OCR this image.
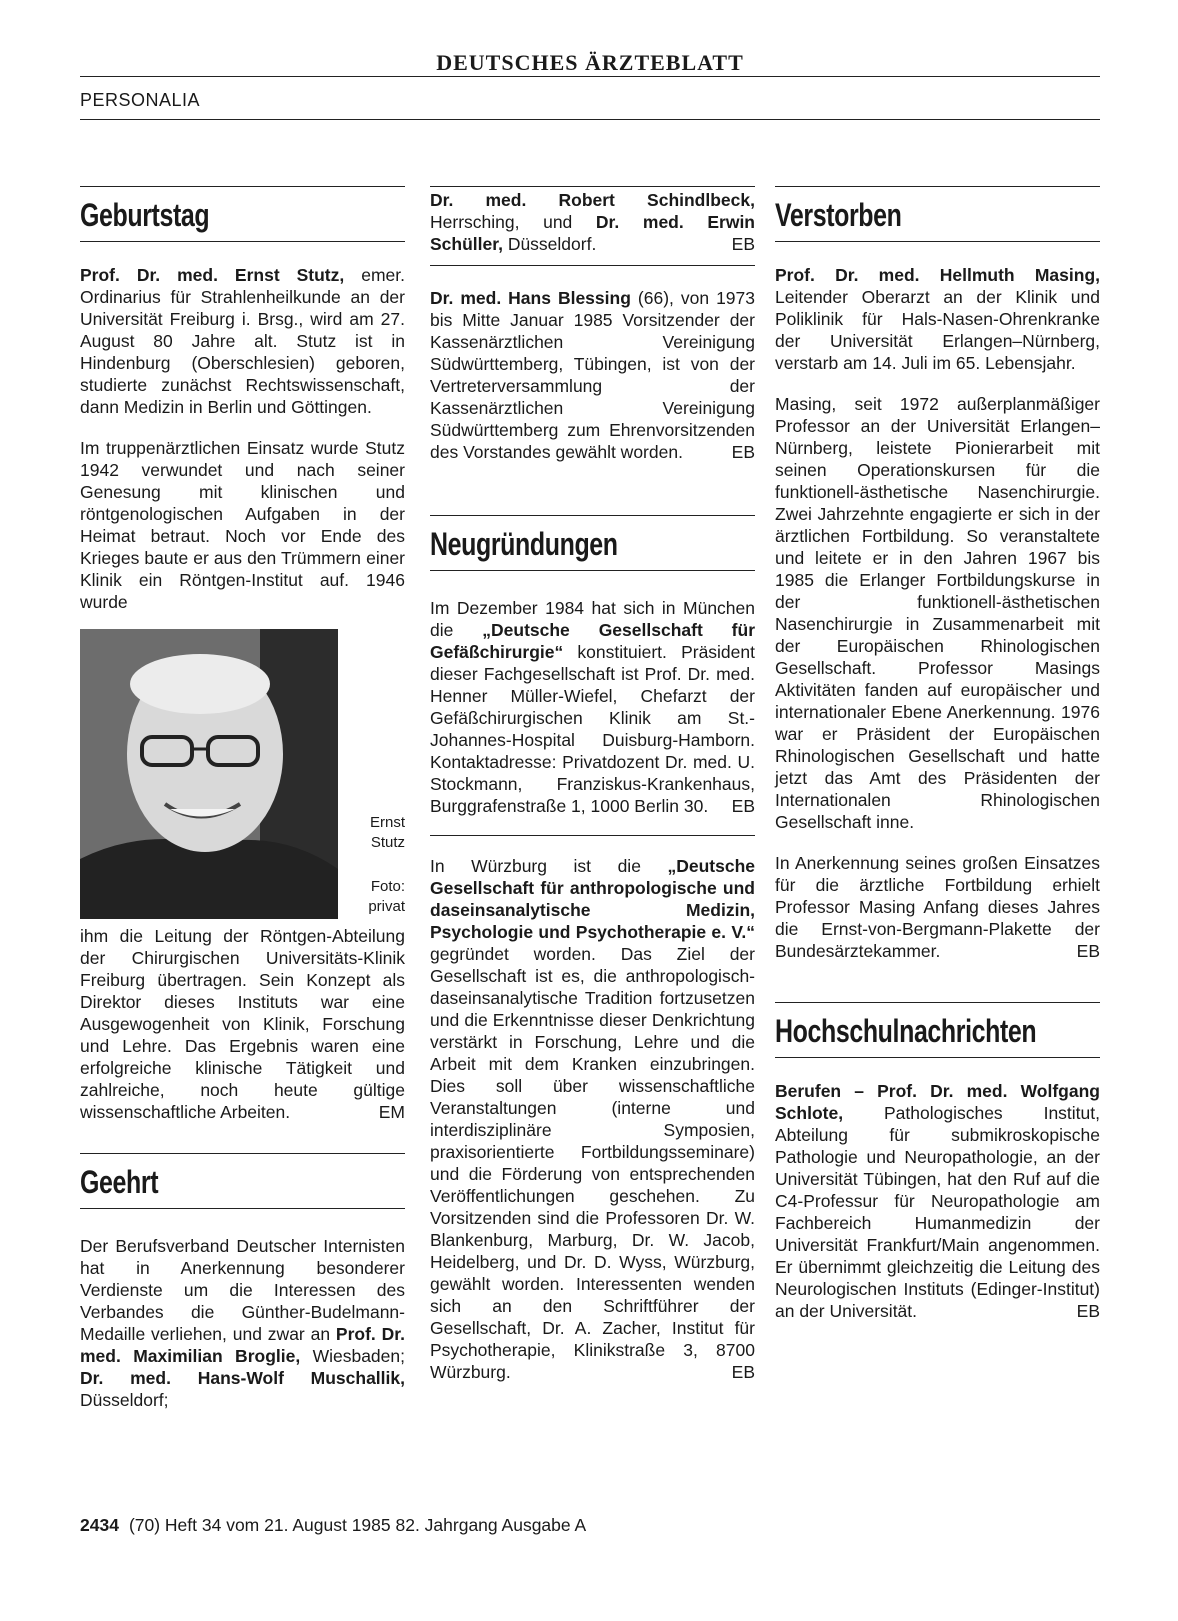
DEUTSCHES ÄRZTEBLATT
PERSONALIA
Geburtstag

Prof. Dr. med. Ernst Stutz, emer. Ordinarius für Strahlenheilkunde an der Universität Freiburg i. Brsg., wird am 27. August 80 Jahre alt. Stutz ist in Hindenburg (Oberschlesien) geboren, studierte zunächst Rechtswissenschaft, dann Medizin in Berlin und Göttingen.

Im truppenärztlichen Einsatz wurde Stutz 1942 verwundet und nach seiner Genesung mit klinischen und röntgenologischen Aufgaben in der Heimat betraut. Noch vor Ende des Krieges baute er aus den Trümmern einer Klinik ein Röntgen-Institut auf. 1946 wurde

Ernst
Stutz
Foto:
privat

ihm die Leitung der Röntgen-Abteilung der Chirurgischen Universitäts-Klinik Freiburg übertragen. Sein Konzept als Direktor dieses Instituts war eine Ausgewogenheit von Klinik, Forschung und Lehre. Das Ergebnis waren eine erfolgreiche klinische Tätigkeit und zahlreiche, noch heute gültige wissenschaftliche Arbeiten.	EM

Geehrt

Der Berufsverband Deutscher Internisten hat in Anerkennung besonderer Verdienste um die Interessen des Verbandes die Günther-Budelmann-Medaille verliehen, und zwar an Prof. Dr. med. Maximilian Broglie, Wiesbaden; Dr. med. Hans-Wolf Muschallik, Düsseldorf;

Dr. med. Robert Schindlbeck, Herrsching, und Dr. med. Erwin Schüller, Düsseldorf.	EB

Dr. med. Hans Blessing (66), von 1973 bis Mitte Januar 1985 Vorsitzender der Kassenärztlichen Vereinigung Südwürttemberg, Tübingen, ist von der Vertreterversammlung der Kassenärztlichen Vereinigung Südwürttemberg zum Ehrenvorsitzenden des Vorstandes gewählt worden.	EB

Neugründungen

Im Dezember 1984 hat sich in München die „Deutsche Gesellschaft für Gefäßchirurgie“ konstituiert. Präsident dieser Fachgesellschaft ist Prof. Dr. med. Henner Müller-Wiefel, Chefarzt der Gefäßchirurgischen Klinik am St.-Johannes-Hospital Duisburg-Hamborn. Kontaktadresse: Privatdozent Dr. med. U. Stockmann, Franziskus-Krankenhaus, Burggrafenstraße 1, 1000 Berlin 30. EB

In Würzburg ist die „Deutsche Gesellschaft für anthropologische und daseinsanalytische Medizin, Psychologie und Psychotherapie e. V.“ gegründet worden. Das Ziel der Gesellschaft ist es, die anthropologisch-daseinsanalytische Tradition fortzusetzen und die Erkenntnisse dieser Denkrichtung verstärkt in Forschung, Lehre und die Arbeit mit dem Kranken einzubringen. Dies soll über wissenschaftliche Veranstaltungen (interne und interdisziplinäre Symposien, praxisorientierte Fortbildungsseminare) und die Förderung von entsprechenden Veröffentlichungen geschehen. Zu Vorsitzenden sind die Professoren Dr. W. Blankenburg, Marburg, Dr. W. Jacob, Heidelberg, und Dr. D. Wyss, Würzburg, gewählt worden. Interessenten wenden sich an den Schriftführer der Gesellschaft, Dr. A. Zacher, Institut für Psychotherapie, Klinikstraße 3, 8700 Würzburg.	EB

Verstorben

Prof. Dr. med. Hellmuth Masing, Leitender Oberarzt an der Klinik und Poliklinik für Hals-Nasen-Ohrenkranke der Universität Erlangen–Nürnberg, verstarb am 14. Juli im 65. Lebensjahr.

Masing, seit 1972 außerplanmäßiger Professor an der Universität Erlangen–Nürnberg, leistete Pionierarbeit mit seinen Operationskursen für die funktionell-ästhetische Nasenchirurgie. Zwei Jahrzehnte engagierte er sich in der ärztlichen Fortbildung. So veranstaltete und leitete er in den Jahren 1967 bis 1985 die Erlanger Fortbildungskurse in der funktionell-ästhetischen Nasenchirurgie in Zusammenarbeit mit der Europäischen Rhinologischen Gesellschaft. Professor Masings Aktivitäten fanden auf europäischer und internationaler Ebene Anerkennung. 1976 war er Präsident der Europäischen Rhinologischen Gesellschaft und hatte jetzt das Amt des Präsidenten der Internationalen Rhinologischen Gesellschaft inne.

In Anerkennung seines großen Einsatzes für die ärztliche Fortbildung erhielt Professor Masing Anfang dieses Jahres die Ernst-von-Bergmann-Plakette der Bundesärztekammer.	EB

Hochschulnachrichten

Berufen – Prof. Dr. med. Wolfgang Schlote, Pathologisches Institut, Abteilung für submikroskopische Pathologie und Neuropathologie, an der Universität Tübingen, hat den Ruf auf die C4-Professur für Neuropathologie am Fachbereich Humanmedizin der Universität Frankfurt/Main angenommen. Er übernimmt gleichzeitig die Leitung des Neurologischen Instituts (Edinger-Institut) an der Universität.	EB

2434 (70) Heft 34 vom 21. August 1985 82. Jahrgang Ausgabe A
